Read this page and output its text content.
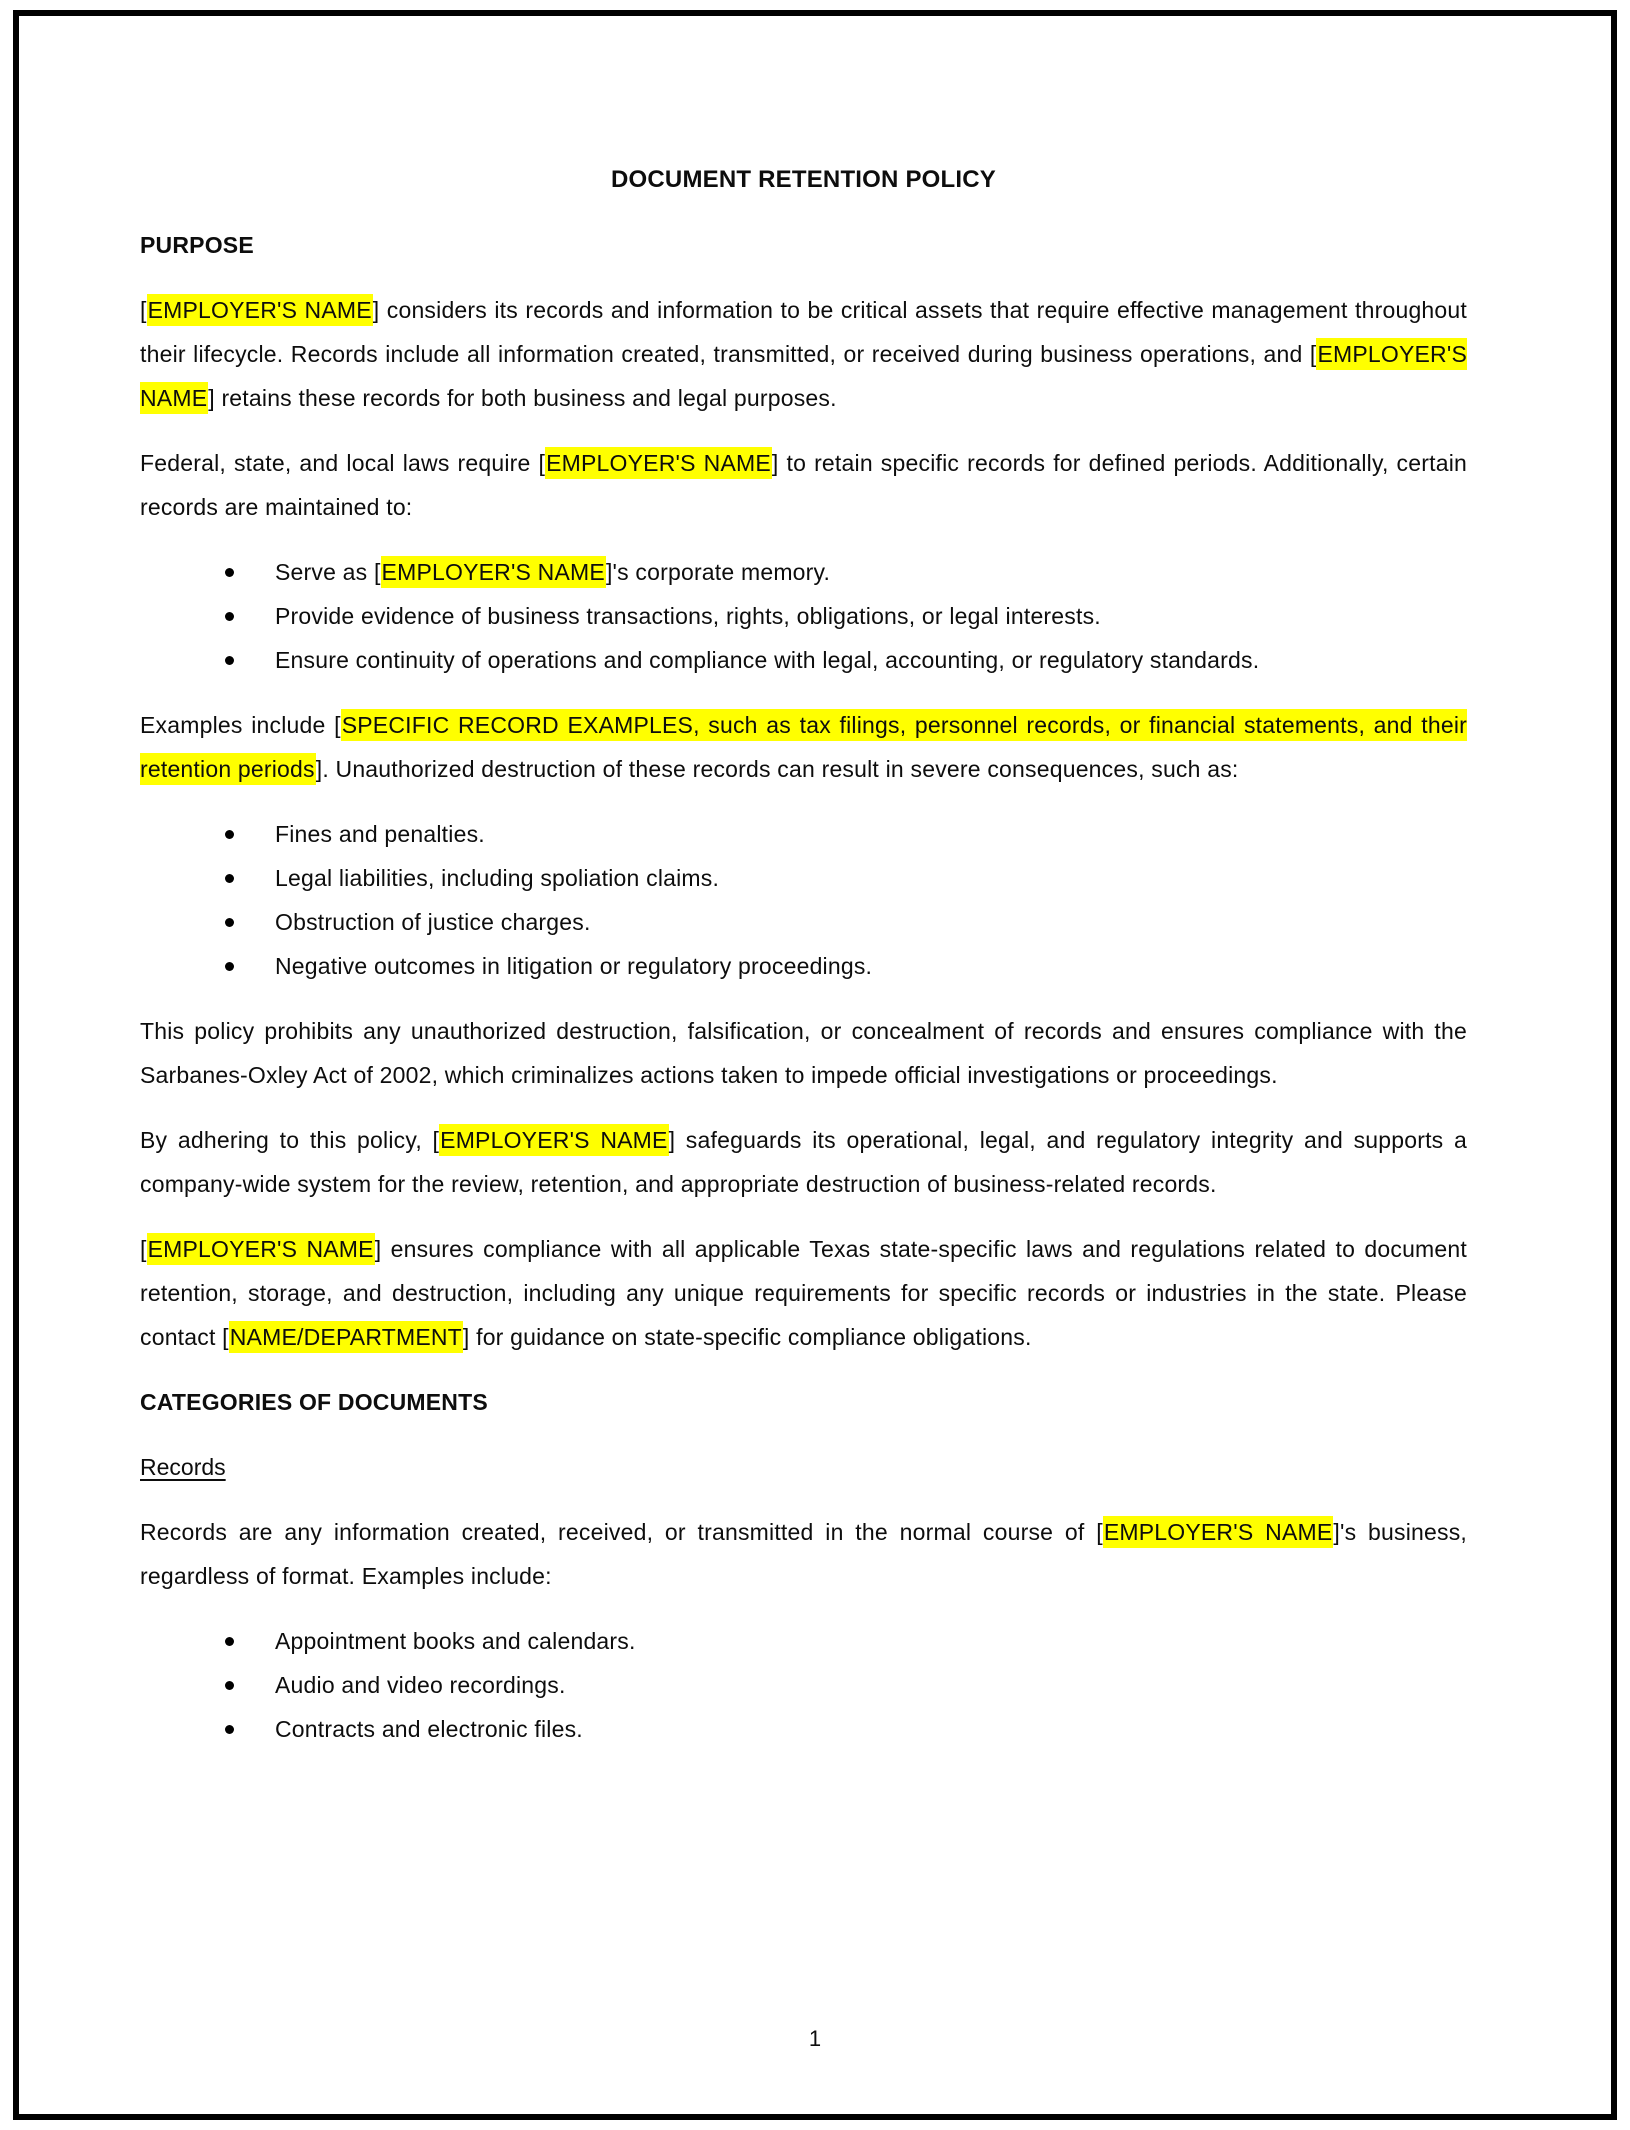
DOCUMENT RETENTION POLICY
PURPOSE

[EMPLOYER'S NAME] considers its records and information to be critical assets that require effective management throughout their lifecycle. Records include all information created, transmitted, or received during business operations, and [EMPLOYER'S NAME] retains these records for both business and legal purposes.

Federal, state, and local laws require [EMPLOYER'S NAME] to retain specific records for defined periods. Additionally, certain records are maintained to:

Serve as [EMPLOYER'S NAME]'s corporate memory.
Provide evidence of business transactions, rights, obligations, or legal interests.
Ensure continuity of operations and compliance with legal, accounting, or regulatory standards.

Examples include [SPECIFIC RECORD EXAMPLES, such as tax filings, personnel records, or financial statements, and their retention periods]. Unauthorized destruction of these records can result in severe consequences, such as:

Fines and penalties.
Legal liabilities, including spoliation claims.
Obstruction of justice charges.
Negative outcomes in litigation or regulatory proceedings.

This policy prohibits any unauthorized destruction, falsification, or concealment of records and ensures compliance with the Sarbanes-Oxley Act of 2002, which criminalizes actions taken to impede official investigations or proceedings.

By adhering to this policy, [EMPLOYER'S NAME] safeguards its operational, legal, and regulatory integrity and supports a company-wide system for the review, retention, and appropriate destruction of business-related records.

[EMPLOYER'S NAME] ensures compliance with all applicable Texas state-specific laws and regulations related to document retention, storage, and destruction, including any unique requirements for specific records or industries in the state. Please contact [NAME/DEPARTMENT] for guidance on state-specific compliance obligations.

CATEGORIES OF DOCUMENTS
Records

Records are any information created, received, or transmitted in the normal course of [EMPLOYER'S NAME]'s business, regardless of format. Examples include:

Appointment books and calendars.
Audio and video recordings.
Contracts and electronic files.
1
